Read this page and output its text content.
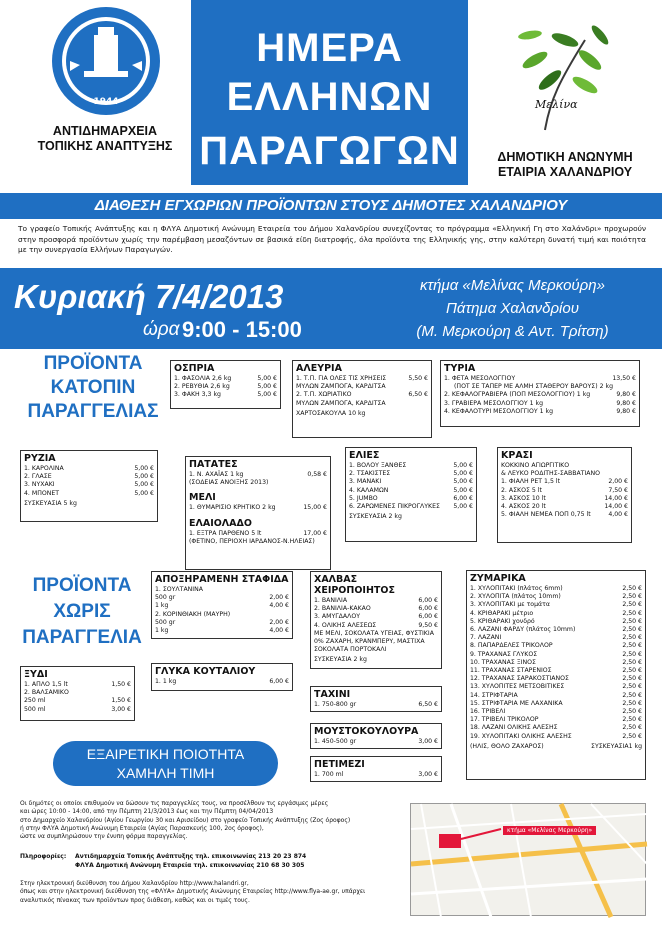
1944
ΑΝΤΙΔΗΜΑΡΧΕΙΑ
ΤΟΠΙΚΗΣ ΑΝΑΠΤΥΞΗΣ
ΗΜΕΡΑ
ΕΛΛΗΝΩΝ
ΠΑΡΑΓΩΓΩΝ
Μελίνα
ΔΗΜΟΤΙΚΗ ΑΝΩΝΥΜΗ
ΕΤΑΙΡΙΑ ΧΑΛΑΝΔΡΙΟΥ
ΔΙΑΘΕΣΗ ΕΓΧΩΡΙΩΝ ΠΡΟΪΟΝΤΩΝ ΣΤΟΥΣ ΔΗΜΟΤΕΣ ΧΑΛΑΝΔΡΙΟΥ
Το γραφείο Τοπικής Ανάπτυξης και η ΦΛΥΑ Δημοτική Ανώνυμη Εταιρεία του Δήμου Χαλανδρίου συνεχίζοντας το πρόγραμμα «Ελληνική Γη στο Χαλάνδρι» προχωρούν στην προσφορά προϊόντων χωρίς την παρέμβαση μεσαζόντων σε βασικά είδη διατροφής, όλα προϊόντα της Ελληνικής γης, στην καλύτερη δυνατή τιμή και ποιότητα με την συνεργασία Ελλήνων Παραγωγών.
Κυριακή 7/4/2013
ώρα 9:00 - 15:00
κτήμα «Μελίνας Μερκούρη»
Πάτημα Χαλανδρίου
(Μ. Μερκούρη & Αντ. Τρίτση)
ΠΡΟΪΟΝΤΑ
ΚΑΤΟΠΙΝ
ΠΑΡΑΓΓΕΛΙΑΣ
ΠΡΟΪΟΝΤΑ
ΧΩΡΙΣ
ΠΑΡΑΓΓΕΛΙΑ
ΟΣΠΡΙΑ
1. ΦΑΣΟΛΙΑ 2,6 kg	5,00 €
2. ΡΕΒΥΘΙΑ 2,6 kg	5,00 €
3. ΦΑΚΗ 3,3 kg	5,00 €
ΑΛΕΥΡΙΑ
1. Τ.Π. ΓΙΑ ΟΛΕΣ ΤΙΣ ΧΡΗΣΕΙΣ	5,50 €
ΜΥΛΩΝ ΖΑΜΠΟΓΑ, ΚΑΡΔΙΤΣΑ
2. Τ.Π. ΧΩΡΙΑΤΙΚΟ	6,50 €
ΜΥΛΩΝ ΖΑΜΠΟΓΑ, ΚΑΡΔΙΤΣΑ
ΧΑΡΤΟΣΑΚΟΥΛΑ 10 kg
ΤΥΡΙΑ
1. ΦΕΤΑ ΜΕΣΟΛΟΓΓΙΟΥ	13,50 €
(ΠΟΤ ΣΕ ΤΑΠΕΡ ΜΕ ΑΛΜΗ ΣΤΑΘΕΡΟΥ ΒΑΡΟΥΣ) 2 kg
2. ΚΕΦΑΛΟΓΡΑΒΙΕΡΑ (ΠΟΠ ΜΕΣΟΛΟΓΓΙΟΥ) 1 kg	9,80 €
3. ΓΡΑΒΙΕΡΑ ΜΕΣΟΛΟΓΓΙΟΥ 1 kg	9,80 €
4. ΚΕΦΑΛΟΤΥΡΙ ΜΕΣΟΛΟΓΓΙΟΥ 1 kg	9,80 €
ΡΥΖΙΑ
1. ΚΑΡΟΛΙΝΑ	5,00 €
2. ΓΛΑΣΕ	5,00 €
3. ΝΥΧΑΚΙ	5,00 €
4. ΜΠΟΝΕΤ	5,00 €
ΣΥΣΚΕΥΑΣΙΑ 5 kg
ΠΑΤΑΤΕΣ
1. Ν. ΑΧΑΪΑΣ 1 kg	0,58 €
(ΣΟΔΕΙΑΣ ΑΝΟΙΞΗΣ 2013)
ΜΕΛΙ
1. ΘΥΜΑΡΙΣΙΟ ΚΡΗΤΙΚΟ 2 kg	15,00 €
ΕΛΑΙΟΛΑΔΟ
1. ΕΞΤΡΑ ΠΑΡΘΕΝΟ 5 lt	17,00 €
(ΦΕΤΙΝΟ, ΠΕΡΙΟΧΗ ΙΑΡΔΑΝΟΣ-Ν.ΗΛΕΙΑΣ)
ΕΛΙΕΣ
1. ΒΟΛΟΥ ΞΑΝΘΕΣ	5,00 €
2. ΤΣΑΚΙΣΤΕΣ	5,00 €
3. ΜΑΝΑΚΙ	5,00 €
4. ΚΑΛΑΜΩΝ	5,00 €
5. JUMBO	6,00 €
6. ΖΑΡΩΜΕΝΕΣ ΠΙΚΡΟΓΛΥΚΕΣ	5,00 €
ΣΥΣΚΕΥΑΣΙΑ 2 kg
ΚΡΑΣΙ
ΚΟΚΚΙΝΟ ΑΓΙΩΡΓΙΤΙΚΟ
& ΛΕΥΚΟ ΡΟΔΙΤΗΣ-ΣΑΒΒΑΤΙΑΝΟ
1. ΦΙΑΛΗ PET 1,5 lt	2,00 €
2. ΑΣΚΟΣ 5 lt	7,50 €
3. ΑΣΚΟΣ 10 lt	14,00 €
4. ΑΣΚΟΣ 20 lt	14,00 €
5. ΦΙΑΛΗ ΝΕΜΕΑ ΠΟΠ 0,75 lt	4,00 €
ΑΠΟΞΗΡΑΜΕΝΗ ΣΤΑΦΙΔΑ
1. ΣΟΥΛΤΑΝΙΝΑ
500 gr	2,00 €
1 kg	4,00 €
2. ΚΟΡΙΝΘΙΑΚΗ (ΜΑΥΡΗ)
500 gr	2,00 €
1 kg	4,00 €
ΓΛΥΚΑ ΚΟΥΤΑΛΙΟΥ
1. 1 kg	6,00 €
ΞΥΔΙ
1. ΑΠΛΟ 1,5 lt	1,50 €
2. ΒΑΛΣΑΜΙΚΟ
250 ml	1,50 €
500 ml	3,00 €
ΧΑΛΒΑΣ ΧΕΙΡΟΠΟΙΗΤΟΣ
1. ΒΑΝΙΛΙΑ	6,00 €
2. ΒΑΝΙΛΙΑ-ΚΑΚΑΟ	6,00 €
3. ΑΜΥΓΔΑΛΟΥ	6,00 €
4. ΟΛΙΚΗΣ ΑΛΕΣΕΩΣ	9,50 €
ΜΕ ΜΕΛΙ, ΣΟΚΟΛΑΤΑ ΥΓΕΙΑΣ, ΦΥΣΤΙΚΙΑ
0% ΖΑΧΑΡΗ, ΚΡΑΝΜΠΕΡΥ, ΜΑΣΤΙΧΑ
ΣΟΚΟΛΑΤΑ ΠΟΡΤΟΚΑΛΙ
ΣΥΣΚΕΥΑΣΙΑ 2 kg
ΤΑΧΙΝΙ
1. 750-800 gr	6,50 €
ΜΟΥΣΤΟΚΟΥΛΟΥΡΑ
1. 450-500 gr	3,00 €
ΠΕΤΙΜΕΖΙ
1. 700 ml	3,00 €
ΖΥΜΑΡΙΚΑ
1. ΧΥΛΟΠΙΤΑΚΙ (πλάτος 6mm)	2,50 €
2. ΧΥΛΟΠΙΤΑ (πλάτος 10mm)	2,50 €
3. ΧΥΛΟΠΙΤΑΚΙ με τομάτα	2,50 €
4. ΚΡΙΘΑΡΑΚΙ μέτριο	2,50 €
5. ΚΡΙΘΑΡΑΚΙ χονδρό	2,50 €
6. ΛΑΖΑΝΙ ΦΑΡΔΥ (πλάτος 10mm)	2,50 €
7. ΛΑΖΑΝΙ	2,50 €
8. ΠΑΠΑΡΔΕΛΕΣ ΤΡΙΚΟΛΟΡ	2,50 €
9. ΤΡΑΧΑΝΑΣ ΓΛΥΚΟΣ	2,50 €
10. ΤΡΑΧΑΝΑΣ ΞΙΝΟΣ	2,50 €
11. ΤΡΑΧΑΝΑΣ ΣΤΑΡΕΝΙΟΣ	2,50 €
12. ΤΡΑΧΑΝΑΣ ΣΑΡΑΚΟΣΤΙΑΝΟΣ	2,50 €
13. ΧΥΛΟΠΙΤΕΣ ΜΕΤΣΟΒΙΤΙΚΕΣ	2,50 €
14. ΣΤΡΙΦΤΑΡΙΑ	2,50 €
15. ΣΤΡΙΦΤΑΡΙΑ ΜΕ ΛΑΧΑΝΙΚΑ	2,50 €
16. ΤΡΙΒΕΛΙ	2,50 €
17. ΤΡΙΒΕΛΙ ΤΡΙΚΟΛΟΡ	2,50 €
18. ΛΑΖΑΝΙ ΟΛΙΚΗΣ ΑΛΕΣΗΣ	2,50 €
19. ΧΥΛΟΠΙΤΑΚΙ ΟΛΙΚΗΣ ΑΛΕΣΗΣ	2,50 €
(ΗΛΙΣ, ΘΟΛΟ ΖΑΧΑΡΟΣ)	ΣΥΣΚΕΥΑΣΙΑ1 kg
ΕΞΑΙΡΕΤΙΚΗ ΠΟΙΟΤΗΤΑ
ΧΑΜΗΛΗ ΤΙΜΗ
Οι δημότες οι οποίοι επιθυμούν να δώσουν τις παραγγελίες τους, να προσέλθουν τις εργάσιμες μέρες
και ώρες 10:00 - 14:00, από την Πέμπτη 21/3/2013 έως και την Πέμπτη 04/04/2013
στο Δημαρχείο Χαλανδρίου (Αγίου Γεωργίου 30 και Αρισείδου) στο γραφείο Τοπικής Ανάπτυξης (Ζος όροφος)
ή στην ΦΛΥΑ Δημοτική Ανώνυμη Εταιρεία (Αγίας Παρασκευής 100, 2ος όροφος),
ώστε να συμπληρώσουν την ένυπη φόρμα παραγγελίας.
Πληροφορίες: Αντιδημαρχεία Τοπικής Ανάπτυξης τηλ. επικοινωνίας 213 20 23 874
ΦΛΥΑ Δημοτική Ανώνυμη Εταιρεία τηλ. επικοινωνίας 210 68 30 305
Στην ηλεκτρονική διεύθυνση του Δήμου Χαλανδρίου http://www.halandri.gr,
όπως και στην ηλεκτρονική διεύθυνση της «ΦΛΥΑ» Δημοτικής Ανώνυμης Εταιρείας http://www.flya-ae.gr, υπάρχει
αναλυτικός πίνακας των προϊόντων προς διάθεση, καθώς και οι τιμές τους.
κτήμα «Μελίνας Μερκούρη»
